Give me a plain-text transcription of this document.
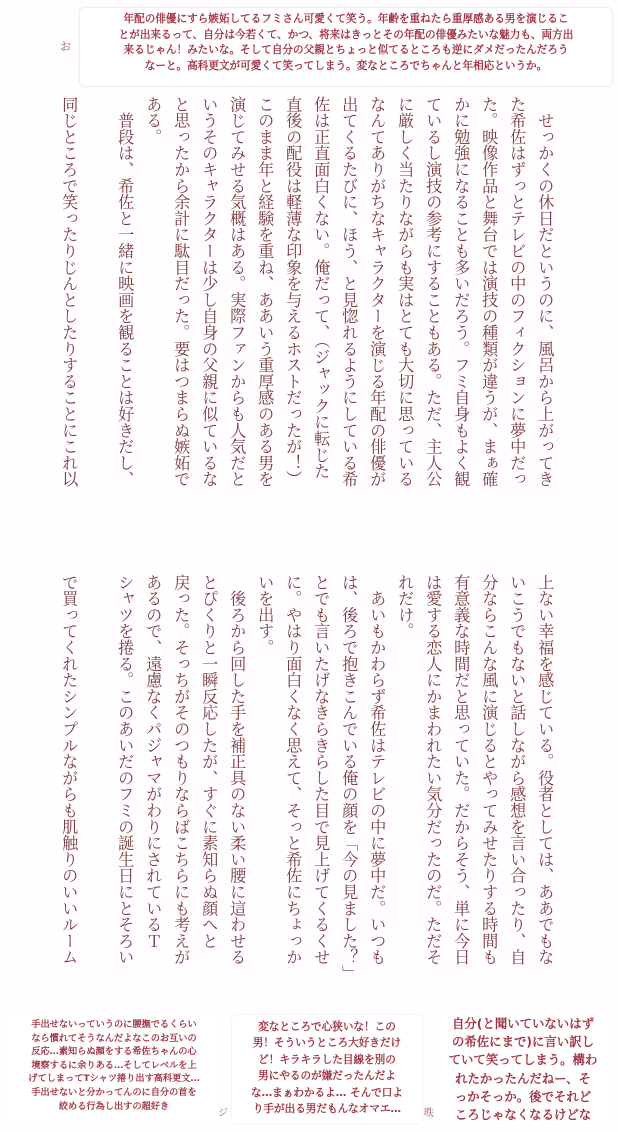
お
　せっかくの休日だというのに、風呂から上がってき
た希佐はずっとテレビの中のフィクションに夢中だっ
た。映像作品と舞台では演技の種類が違うが、まぁ確
かに勉強になることも多いだろう。フミ自身もよく観
ているし演技の参考にすることもある。ただ、主人公
に厳しく当たりながらも実はとても大切に思っている
なんてありがちなキャラクターを演じる年配の俳優が
出てくるたびに、ほう、と見惚れるようにしている希
佐は正直面白くない。俺だって、（ジャックに転じた
直後の配役は軽薄な印象を与えるホストだったが！）
このまま年と経験を重ね、ああいう重厚感のある男を
演じてみせる気概はある。実際ファンからも人気だと
いうそのキャラクターは少し自身の父親に似ているな
と思ったから余計に駄目だった。要はつまらぬ嫉妬で
ある。
　普段は、希佐と一緒に映画を観ることは好きだし、
同じところで笑ったりじんとしたりすることにこれ以
上ない幸福を感じている。役者としては、ああでもな
いこうでもないと話しながら感想を言い合ったり、自
分ならこんな風に演じるとやってみせたりする時間も
有意義な時間だと思っていた。だからそう、単に今日
は愛する恋人にかまわれたい気分だったのだ。ただそ
れだけ。
　あいもかわらず希佐はテレビの中に夢中だ。いつも
は、後ろで抱きこんでいる俺の顔を「今の見ました？」
とでも言いたげなきらきらした目で見上げてくるくせ
に。やはり面白くなく思えて、そっと希佐にちょっか
いを出す。
　後ろから回した手を補正具のない柔い腰に這わせる
とぴくりと一瞬反応したが、すぐに素知らぬ顔へと
戻った。そっちがそのつもりならばこちらにも考えが
あるので、遠慮なくパジャマがわりにされているＴ
シャツを捲る。このあいだのフミの誕生日にとそろい
で買ってくれたシンプルながらも肌触りのいいルーム

年配の俳優にすら嫉妬してるフミさん可愛くて笑う。年齢を重ねたら重厚感ある男を演じるこ

とが出来るって、自分は今若くて、かつ、将来はきっとその年配の俳優みたいな魅力も、両方出

来るじゃん！みたいな。そして自分の父親とちょっと似てるところも逆にダメだったんだろう

なーと。高科更文が可愛くて笑ってしまう。変なところでちゃんと年相応というか。

手出せないっていうのに腰撫でるくらい

なら慣れてそうなんだよなこのお互いの

反応…素知らぬ顔をする希佐ちゃんの心

境察するに余りある…そしてレベルを上

げてしまってTシャツ捲り出す高科更文…

手出せないと分かってんのに自分の首を

絞める行為し出すの超好き

変なところで心狭いな！この

男！そういうところ大好きだけ

ど！キラキラした目線を別の

男にやるのが嫌だったんだよ

な…まぁわかるよ… そんで口よ

り手が出る男だもんなオマエ…

自分(と聞いていないはず

の希佐にまで)に言い訳し

ていて笑ってしまう。構わ

れたかったんだねー、そ

っかそっか。後でそれど

ころじゃなくなるけどな

ジ	昳
